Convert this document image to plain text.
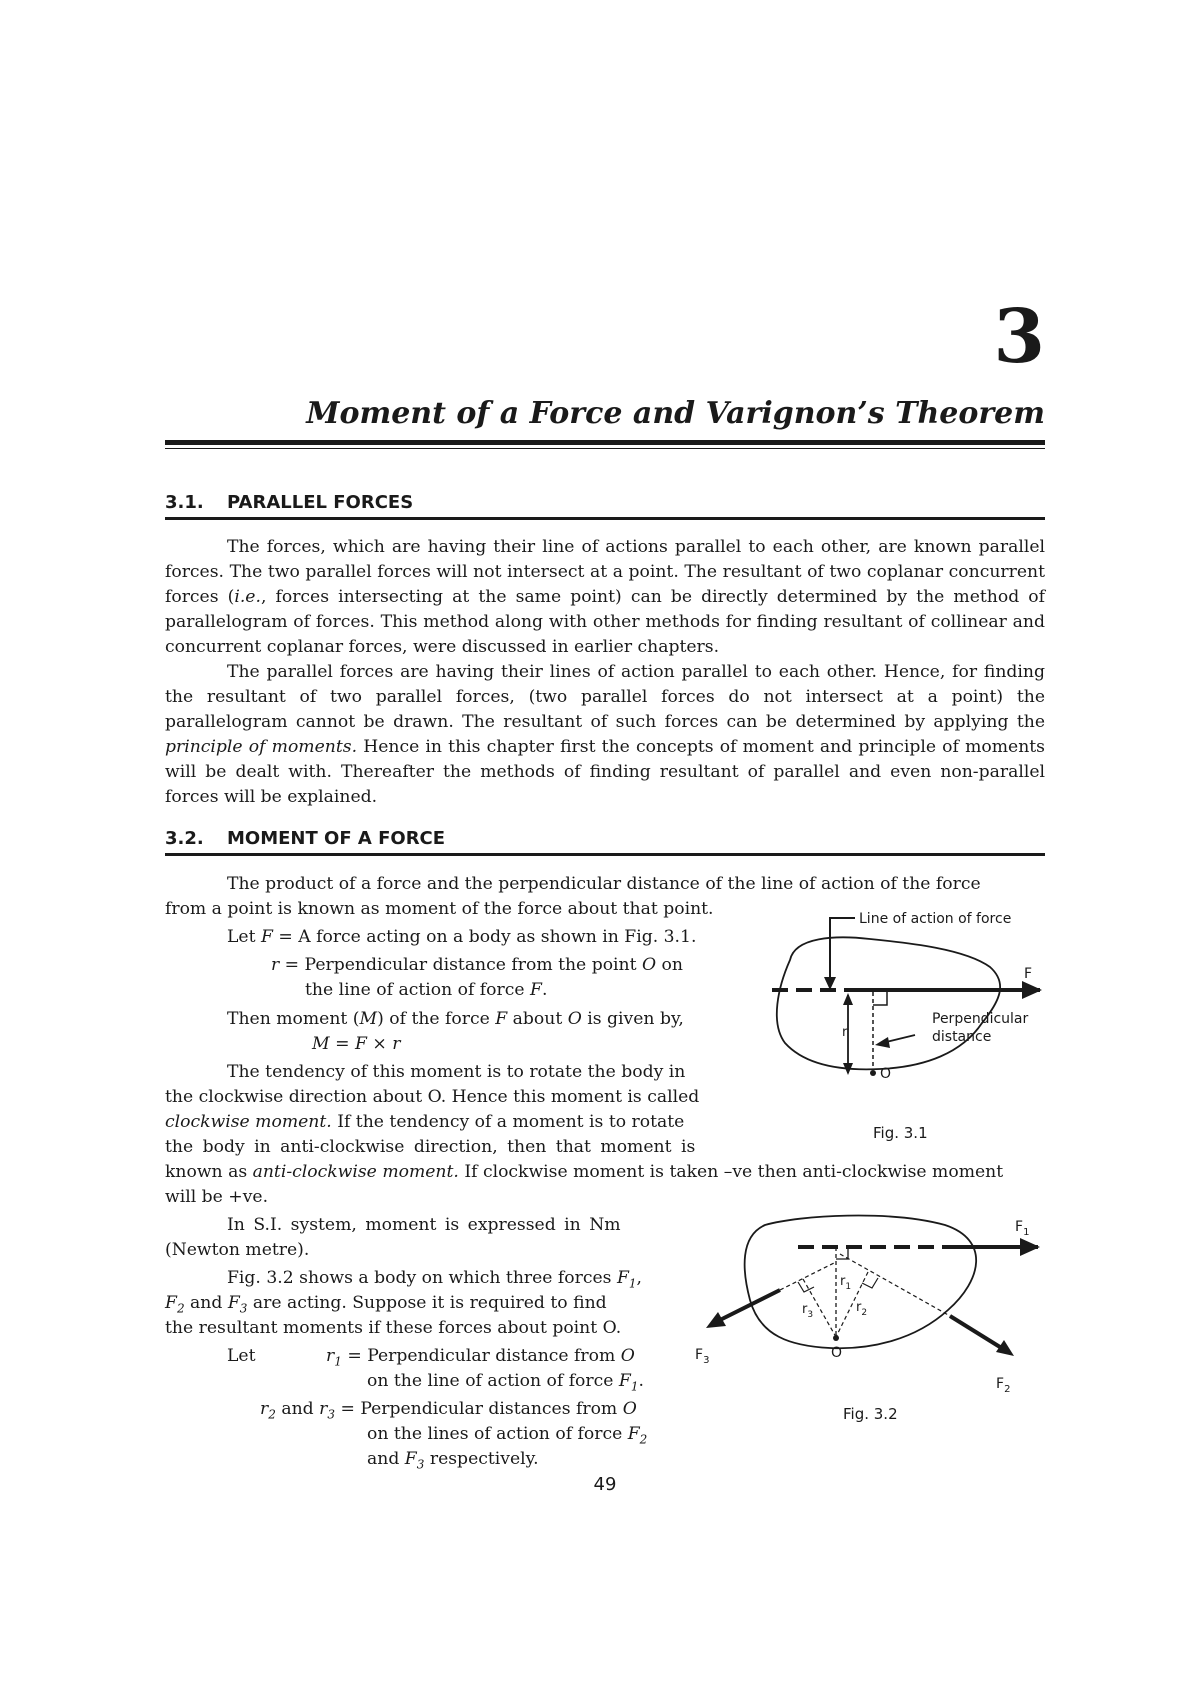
3
Moment of a Force and Varignon’s Theorem
3.1. PARALLEL FORCES

The forces, which are having their line of actions parallel to each other, are known parallel forces. The two parallel forces will not intersect at a point. The resultant of two coplanar concurrent forces (i.e., forces intersecting at the same point) can be directly determined by the method of parallelogram of forces. This method along with other methods for finding resultant of collinear and concurrent coplanar forces, were discussed in earlier chapters.

The parallel forces are having their lines of action parallel to each other. Hence, for finding the resultant of two parallel forces, (two parallel forces do not intersect at a point) the parallelogram cannot be drawn. The resultant of such forces can be determined by applying the principle of moments. Hence in this chapter first the concepts of moment and principle of moments will be dealt with. Thereafter the methods of finding resultant of parallel and even non-parallel forces will be explained.

3.2. MOMENT OF A FORCE

The product of a force and the perpendicular distance of the line of action of the force

from a point is known as moment of the force about that point.

Let F = A force acting on a body as shown in Fig. 3.1.

r = Perpendicular distance from the point O on

the line of action of force F.

Then moment (M) of the force F about O is given by,

M = F × r

The tendency of this moment is to rotate the body in

the clockwise direction about O. Hence this moment is called

clockwise moment. If the tendency of a moment is to rotate

the body in anti-clockwise direction, then that moment is

known as anti-clockwise moment. If clockwise moment is taken –ve then anti-clockwise moment

will be +ve.

In S.I. system, moment is expressed in Nm

(Newton metre).

Fig. 3.2 shows a body on which three forces $F_1$,

$F_2$ and $F_3$ are acting. Suppose it is required to find

the resultant moments if these forces about point O.

Let	$r_1$ = Perpendicular distance from O

on the line of action of force $F_1$.

$r_2$ and $r_3$ = Perpendicular distances from O

on the lines of action of force $F_2$

and $F_3$ respectively.

49
Line of action of force
F
r
Perpendicular
distance
O
Fig. 3.1
$F_1$
$F_3$
$F_2$
$r_1$
$r_2$
$r_3$
O
Fig. 3.2
